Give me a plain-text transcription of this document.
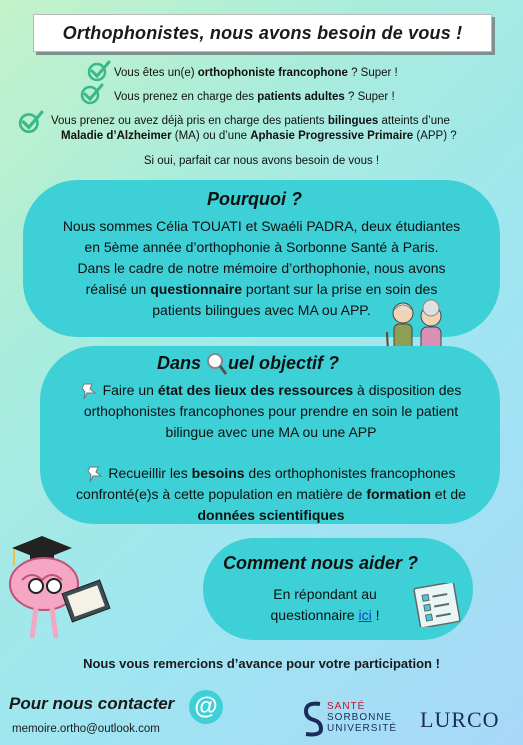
Orthophonistes, nous avons besoin de vous !
Vous êtes un(e) orthophoniste francophone ? Super !
Vous prenez en charge des patients adultes ? Super !
Vous prenez ou avez déjà pris en charge des patients bilingues atteints d’une
Maladie d’Alzheimer (MA) ou d’une Aphasie Progressive Primaire (APP) ?
Si oui, parfait car nous avons besoin de vous !
Pourquoi ?
Nous sommes Célia TOUATI et Swaéli PADRA, deux étudiantes
en 5ème année d’orthophonie à Sorbonne Santé à Paris.
Dans le cadre de notre mémoire d’orthophonie, nous avons
réalisé un questionnaire portant sur la prise en soin des
patients bilingues avec MA ou APP.
Dans uel objectif ?
Faire un état des lieux des ressources à disposition des
orthophonistes francophones pour prendre en soin le patient
bilingue avec une MA ou une APP
Recueillir les besoins des orthophonistes francophones
confronté(e)s à cette population en matière de formation et de
données scientifiques
Comment nous aider ?
En répondant au
questionnaire ici !
Nous vous remercions d’avance pour votre participation !
Pour nous contacter @
memoire.ortho@outlook.com
SANTÉ
SORBONNE
UNIVERSITÉ LURCO
